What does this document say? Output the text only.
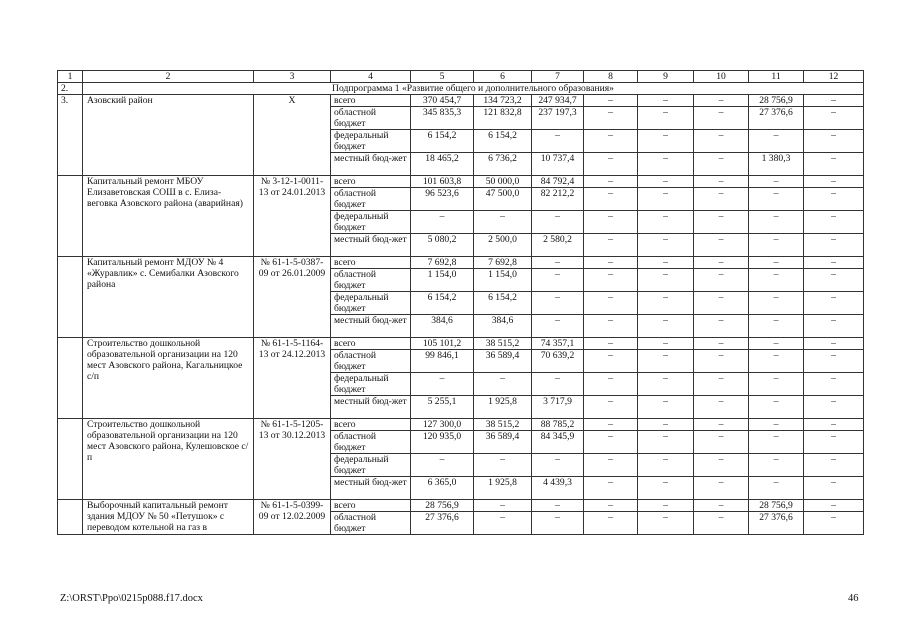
1	2	3	4	5	6	7	8	9	10	11	12
2.	Подпрограмма 1 «Развитие общего и дополнительного образования»										
3.	Азовский район	Х	всего	370 454,7	134 723,2	247 934,7	–	–	–	28 756,9	–
			областной бюджет	345 835,3	121 832,8	237 197,3	–	–	–	27 376,6	–
			федеральный бюджет	6 154,2	6 154,2	–	–	–	–	–	–
			местный бюд-жет	18 465,2	6 736,2	10 737,4	–	–	–	1 380,3	–
	Капитальный ремонт МБОУ Елизаветовская СОШ в с. Елиза-веговка Азовского района (аварийная)	№ 3-12-1-0011-13 от 24.01.2013	всего	101 603,8	50 000,0	84 792,4	–	–	–	–	–
			областной бюджет	96 523,6	47 500,0	82 212,2	–	–	–	–	–
			федеральный бюджет	–	–	–	–	–	–	–	–
			местный бюд-жет	5 080,2	2 500,0	2 580,2	–	–	–	–	–
	Капитальный ремонт МДОУ № 4 «Журавлик» с. Семибалки Азовского района	№ 61-1-5-0387-09 от 26.01.2009	всего	7 692,8	7 692,8	–	–	–	–	–	–
			областной бюджет	1 154,0	1 154,0	–	–	–	–	–	–
			федеральный бюджет	6 154,2	6 154,2	–	–	–	–	–	–
			местный бюд-жет	384,6	384,6	–	–	–	–	–	–
	Строительство дошкольной образовательной организации на 120 мест Азовского района, Кагальницкое с/п	№ 61-1-5-1164-13 от 24.12.2013	всего	105 101,2	38 515,2	74 357,1	–	–	–	–	–
			областной бюджет	99 846,1	36 589,4	70 639,2	–	–	–	–	–
			федеральный бюджет	–	–	–	–	–	–	–	–
			местный бюд-жет	5 255,1	1 925,8	3 717,9	–	–	–	–	–
	Строительство дошкольной образовательной организации на 120 мест Азовского района, Кулешовское с/п	№ 61-1-5-1205-13 от 30.12.2013	всего	127 300,0	38 515,2	88 785,2	–	–	–	–	–
			областной бюджет	120 935,0	36 589,4	84 345,9	–	–	–	–	–
			федеральный бюджет	–	–	–	–	–	–	–	–
			местный бюд-жет	6 365,0	1 925,8	4 439,3	–	–	–	–	–
	Выборочный капитальный ремонт здания МДОУ № 50 «Петушок» с переводом котельной на газ в	№ 61-1-5-0399-09 от 12.02.2009	всего	28 756,9	–	–	–	–	–	28 756,9	–
			областной бюджет	27 376,6	–	–	–	–	–	27 376,6	–
Z:\ORST\Ppo\0215p088.f17.docx	46
